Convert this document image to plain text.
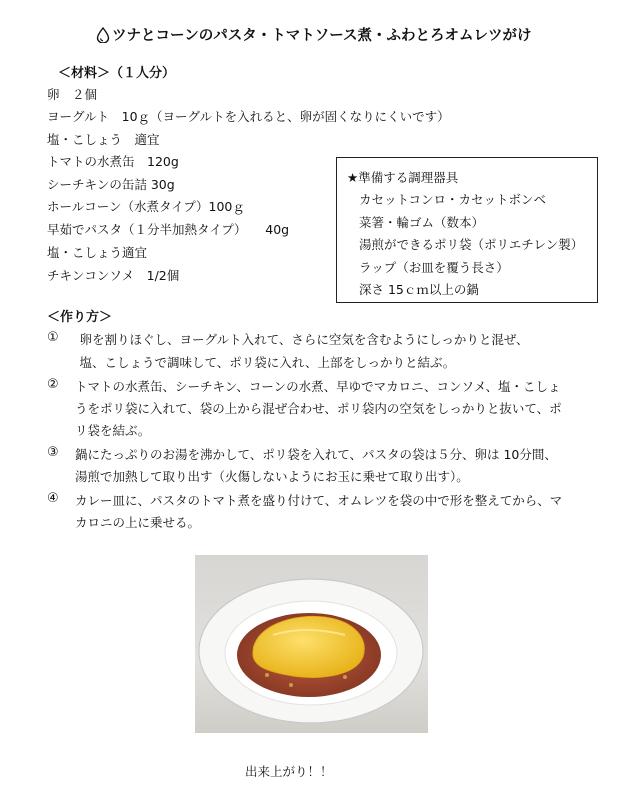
ツナとコーンのパスタ・トマトソース煮・ふわとろオムレツがけ
＜材料＞（１人分）
卵　２個
ヨーグルト　10ｇ（ヨーグルトを入れると、卵が固くなりにくいです）
塩・こしょう　適宜
トマトの水煮缶　120g
シーチキンの缶詰 30g
ホールコーン（水煮タイプ）100ｇ
早茹でパスタ（１分半加熱タイプ）　　40g
塩・こしょう適宜
チキンコンソメ　1/2個
★準備する調理器具
カセットコンロ・カセットボンベ
菜箸・輪ゴム（数本）
湯煎ができるポリ袋（ポリエチレン製）
ラップ（お皿を覆う長さ）
深さ 15ｃｍ以上の鍋
＜作り方＞
① 　卵を割りほぐし、ヨーグルト入れて、さらに空気を含むようにしっかりと混ぜ、
　塩、こしょうで調味して、ポリ袋に入れ、上部をしっかりと結ぶ。
② トマトの水煮缶、シーチキン、コーンの水煮、早ゆでマカロニ、コンソメ、塩・こしょ
うをポリ袋に入れて、袋の上から混ぜ合わせ、ポリ袋内の空気をしっかりと抜いて、ポ
リ袋を結ぶ。
③ 鍋にたっぷりのお湯を沸かして、ポリ袋を入れて、パスタの袋は５分、卵は 10分間、
湯煎で加熱して取り出す（火傷しないようにお玉に乗せて取り出す）。
④ カレー皿に、パスタのトマト煮を盛り付けて、オムレツを袋の中で形を整えてから、マ
カロニの上に乗せる。
出来上がり！！
